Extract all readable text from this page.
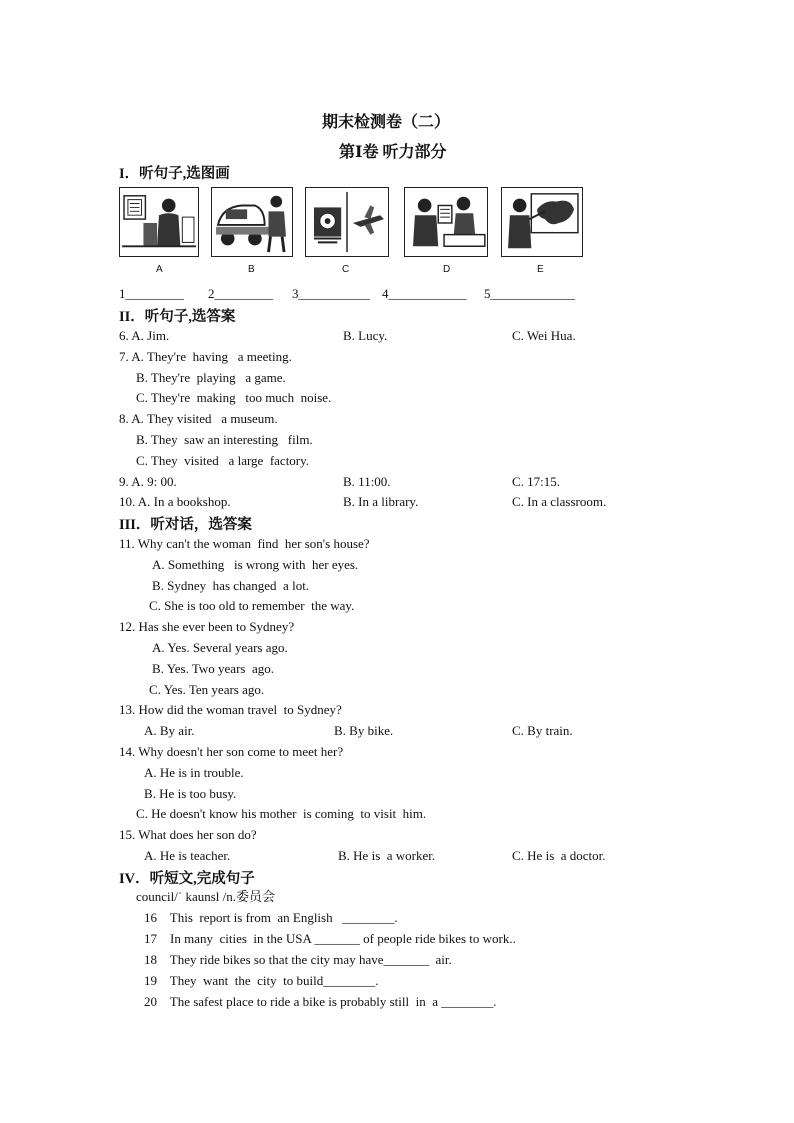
期末检测卷（二）
第Ⅰ卷 听力部分
I．听句子,选图画
A	B	C	D	E
1_________ 2_________ 3___________ 4____________ 5_____________
II．听句子,选答案
6. A. Jim.	B. Lucy.	C. Wei Hua.
7. A. They're  having   a meeting.
B. They're  playing   a game.
C. They're  making   too much  noise.
8. A. They visited   a museum.
B. They  saw an interesting   film.
C. They  visited   a large  factory.
9. A. 9: 00.	B. 11:00.	C. 17:15.
10. A. In a bookshop.	B. In a library.	C. In a classroom.
III．听对话，选答案
11. Why can't the woman  find  her son's house?
A. Something   is wrong with  her eyes.
B. Sydney  has changed  a lot.
C. She is too old to remember  the way.
12. Has she ever been to Sydney?
A. Yes. Several years ago.
B. Yes. Two years  ago.
C. Yes. Ten years ago.
13. How did the woman travel  to Sydney?
A. By air.	B. By bike.	C. By train.
14. Why doesn't her son come to meet her?
A. He is in trouble.
B. He is too busy.
C. He doesn't know his mother  is coming  to visit  him.
15. What does her son do?
A. He is teacher.	B. He is  a worker.	C. He is  a doctor.
IV．听短文,完成句子
council/ˈ kaunsl /n.委员会
16    This  report is from  an English   ________.
17    In many  cities  in the USA _______ of people ride bikes to work..
18    They ride bikes so that the city may have_______  air.
19    They  want  the  city  to build________.
20    The safest place to ride a bike is probably still  in  a ________.
